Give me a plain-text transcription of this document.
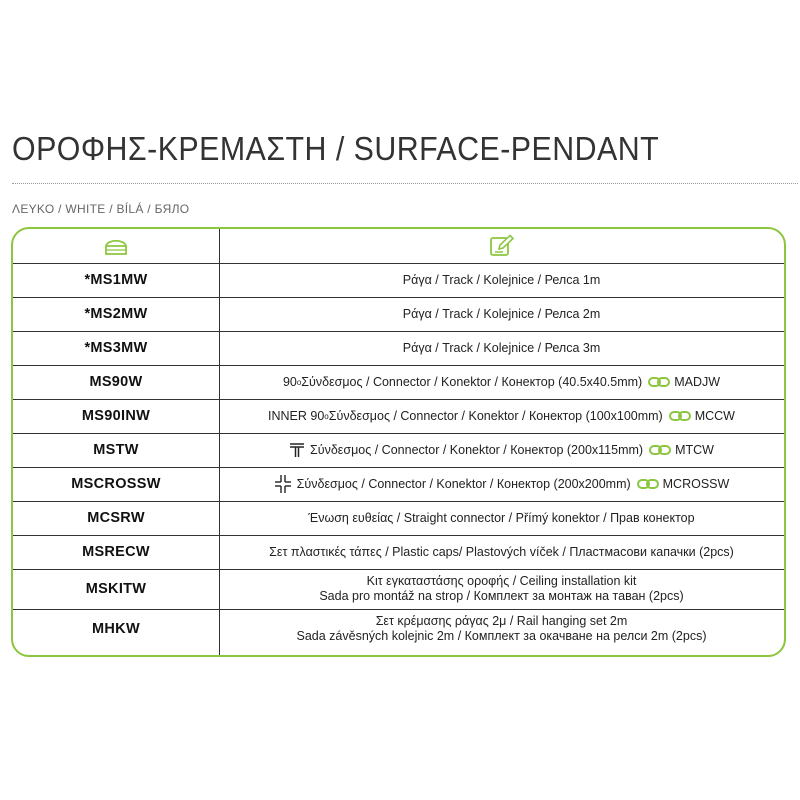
ΟΡΟΦΗΣ-ΚΡΕΜΑΣΤΗ / SURFACE-PENDANT
ΛΕΥΚΟ / WHITE / BÍLÁ / БЯЛО
*MS1MW	Ράγα / Track / Kolejnice / Релса 1m
*MS2MW	Ράγα / Track / Kolejnice / Релса 2m
*MS3MW	Ράγα / Track / Kolejnice / Релса 3m
MS90W	90 o Σύνδεσμος / Connector / Konektor / Конектор (40.5x40.5mm)	MADJW
MS90INW	INNER 90 o Σύνδεσμος / Connector / Konektor / Конектор (100x100mm)	MCCW
MSTW	Σύνδεσμος / Connector / Konektor / Конектор (200x115mm)	MTCW
MSCROSSW	Σύνδεσμος / Connector / Konektor / Конектор (200x200mm)	MCROSSW
MCSRW	Ένωση ευθείας / Straight connector / Přímý konektor / Прав конектор
MSRECW	Σετ πλαστικές τάπες / Plastic caps/ Plastových víček / Пластмасови капачки (2pcs)
MSKITW	Κιτ εγκαταστάσης οροφής / Ceiling installation kit
Sada pro montáž na strop / Комплект за монтаж на таван (2pcs)
MHKW	Σετ κρέμασης ράγας 2μ / Rail hanging set 2m
Sada závěsných kolejnic 2m / Комплект за окачване на релси 2m (2pcs)
